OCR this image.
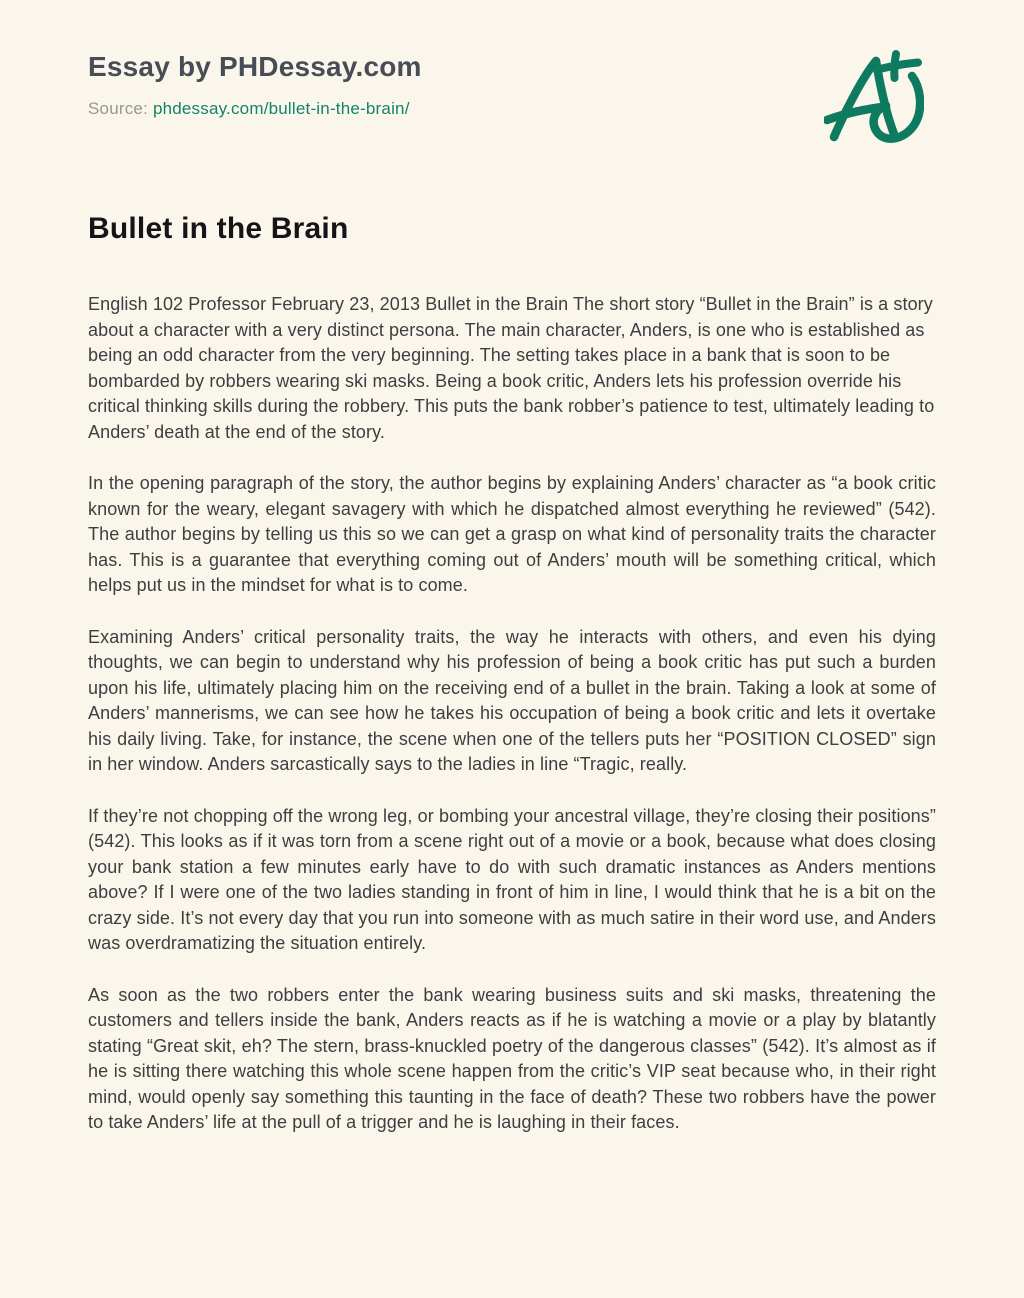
Essay by PHDessay.com

Source: phdessay.com/bullet-in-the-brain/

Bullet in the Brain

English 102 Professor February 23, 2013 Bullet in the Brain The short story “Bullet in the Brain” is a story about a character with a very distinct persona. The main character, Anders, is one who is established as being an odd character from the very beginning. The setting takes place in a bank that is soon to be bombarded by robbers wearing ski masks. Being a book critic, Anders lets his profession override his critical thinking skills during the robbery. This puts the bank robber’s patience to test, ultimately leading to Anders’ death at the end of the story.

In the opening paragraph of the story, the author begins by explaining Anders’ character as “a book critic known for the weary, elegant savagery with which he dispatched almost everything he reviewed” (542). The author begins by telling us this so we can get a grasp on what kind of personality traits the character has. This is a guarantee that everything coming out of Anders’ mouth will be something critical, which helps put us in the mindset for what is to come.

Examining Anders’ critical personality traits, the way he interacts with others, and even his dying thoughts, we can begin to understand why his profession of being a book critic has put such a burden upon his life, ultimately placing him on the receiving end of a bullet in the brain. Taking a look at some of Anders’ mannerisms, we can see how he takes his occupation of being a book critic and lets it overtake his daily living. Take, for instance, the scene when one of the tellers puts her “POSITION CLOSED” sign in her window. Anders sarcastically says to the ladies in line “Tragic, really.

If they’re not chopping off the wrong leg, or bombing your ancestral village, they’re closing their positions” (542). This looks as if it was torn from a scene right out of a movie or a book, because what does closing your bank station a few minutes early have to do with such dramatic instances as Anders mentions above? If I were one of the two ladies standing in front of him in line, I would think that he is a bit on the crazy side. It’s not every day that you run into someone with as much satire in their word use, and Anders was overdramatizing the situation entirely.

As soon as the two robbers enter the bank wearing business suits and ski masks, threatening the customers and tellers inside the bank, Anders reacts as if he is watching a movie or a play by blatantly stating “Great skit, eh? The stern, brass-knuckled poetry of the dangerous classes” (542). It’s almost as if he is sitting there watching this whole scene happen from the critic’s VIP seat because who, in their right mind, would openly say something this taunting in the face of death? These two robbers have the power to take Anders’ life at the pull of a trigger and he is laughing in their faces.
